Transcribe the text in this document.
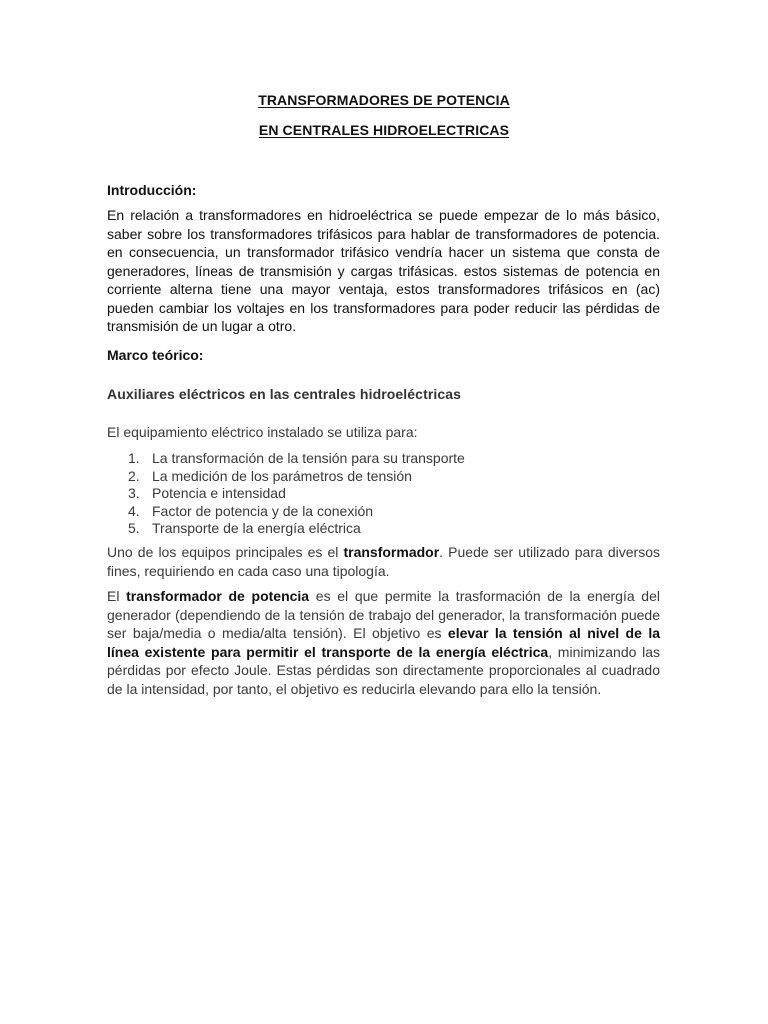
TRANSFORMADORES DE POTENCIA
EN CENTRALES HIDROELECTRICAS
Introducción:
En relación a transformadores en hidroeléctrica se puede empezar de lo más básico, saber sobre los transformadores trifásicos para hablar de transformadores de potencia. en consecuencia, un transformador trifásico vendría hacer un sistema que consta de generadores, líneas de transmisión y cargas trifásicas. estos sistemas de potencia en corriente alterna tiene una mayor ventaja, estos transformadores trifásicos en (ac) pueden cambiar los voltajes en los transformadores para poder reducir las pérdidas de transmisión de un lugar a otro.
Marco teórico:
Auxiliares eléctricos en las centrales hidroeléctricas
El equipamiento eléctrico instalado se utiliza para:
1. La transformación de la tensión para su transporte
2. La medición de los parámetros de tensión
3. Potencia e intensidad
4. Factor de potencia y de la conexión
5. Transporte de la energía eléctrica
Uno de los equipos principales es el transformador. Puede ser utilizado para diversos fines, requiriendo en cada caso una tipología.
El transformador de potencia es el que permite la trasformación de la energía del generador (dependiendo de la tensión de trabajo del generador, la transformación puede ser baja/media o media/alta tensión). El objetivo es elevar la tensión al nivel de la línea existente para permitir el transporte de la energía eléctrica, minimizando las pérdidas por efecto Joule. Estas pérdidas son directamente proporcionales al cuadrado de la intensidad, por tanto, el objetivo es reducirla elevando para ello la tensión.
